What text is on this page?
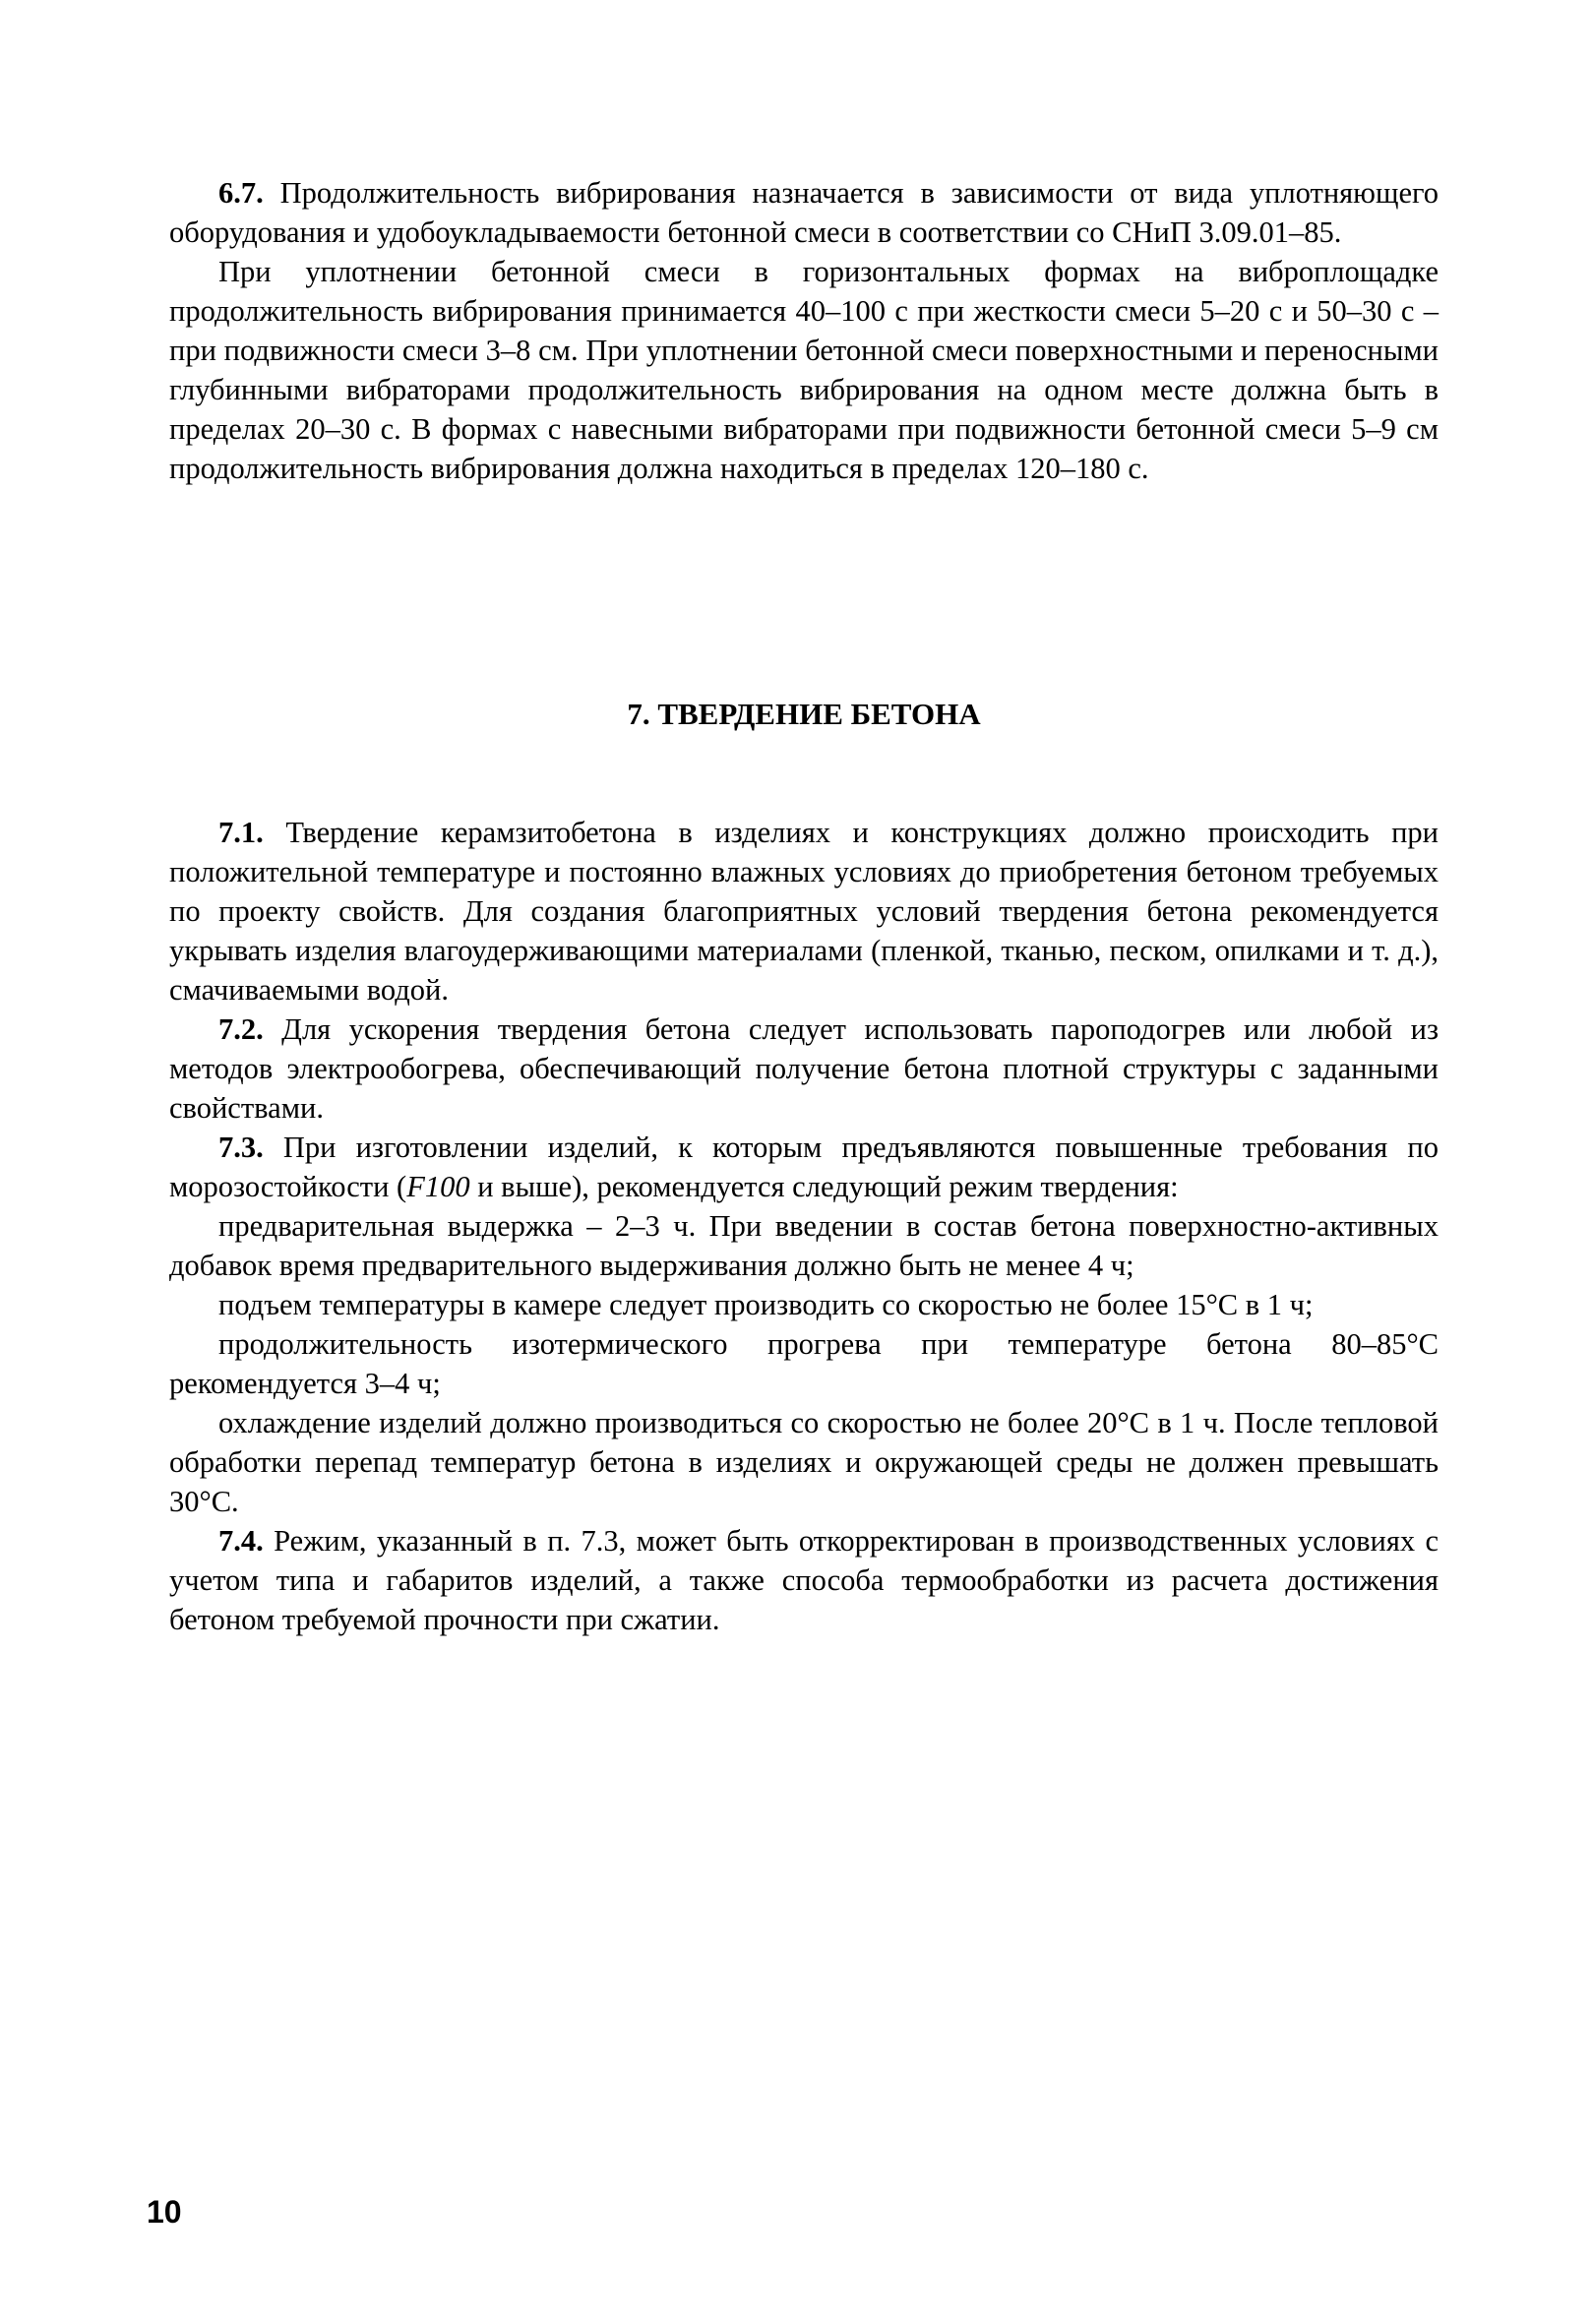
6.7. Продолжительность вибрирования назначается в зависимости от вида уплотняющего оборудования и удобоукладываемости бетонной смеси в соответствии со СНиП 3.09.01–85.

При уплотнении бетонной смеси в горизонтальных формах на виброплощадке продолжительность вибрирования принимается 40–100 с при жесткости смеси 5–20 с и 50–30 с – при подвижности смеси 3–8 см. При уплотнении бетонной смеси поверхностными и переносными глубинными вибраторами продолжительность вибрирования на одном месте должна быть в пределах 20–30 с. В формах с навесными вибраторами при подвижности бетонной смеси 5–9 см продолжительность вибрирования должна находиться в пределах 120–180 с.

7. ТВЕРДЕНИЕ БЕТОНА

7.1. Твердение керамзитобетона в изделиях и конструкциях должно происходить при положительной температуре и постоянно влажных условиях до приобретения бетоном требуемых по проекту свойств. Для создания благоприятных условий твердения бетона рекомендуется укрывать изделия влагоудерживающими материалами (пленкой, тканью, песком, опилками и т. д.), смачиваемыми водой.

7.2. Для ускорения твердения бетона следует использовать пароподогрев или любой из методов электрообогрева, обеспечивающий получение бетона плотной структуры с заданными свойствами.

7.3. При изготовлении изделий, к которым предъявляются повышенные требования по морозостойкости (F100 и выше), рекомендуется следующий режим твердения:

предварительная выдержка – 2–3 ч. При введении в состав бетона поверхностно-активных добавок время предварительного выдерживания должно быть не менее 4 ч;

подъем температуры в камере следует производить со скоростью не более 15°С в 1 ч;

продолжительность изотермического прогрева при температуре бетона 80–85°С рекомендуется 3–4 ч;

охлаждение изделий должно производиться со скоростью не более 20°С в 1 ч. После тепловой обработки перепад температур бетона в изделиях и окружающей среды не должен превышать 30°С.

7.4. Режим, указанный в п. 7.3, может быть откорректирован в производственных условиях с учетом типа и габаритов изделий, а также способа термообработки из расчета достижения бетоном требуемой прочности при сжатии.

10
